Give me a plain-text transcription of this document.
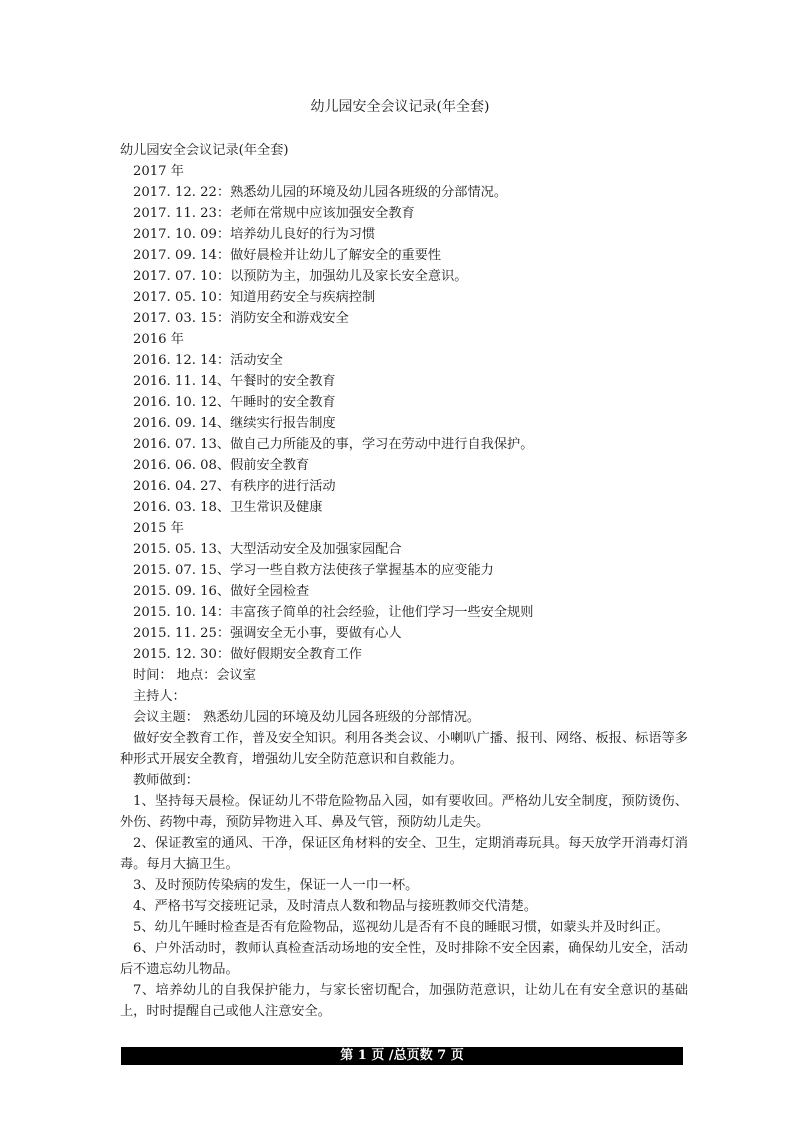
幼儿园安全会议记录(年全套)
幼儿园安全会议记录(年全套)
2017 年
2017. 12. 22：熟悉幼儿园的环境及幼儿园各班级的分部情况。
2017. 11. 23：老师在常规中应该加强安全教育
2017. 10. 09：培养幼儿良好的行为习惯
2017. 09. 14：做好晨检并让幼儿了解安全的重要性
2017. 07. 10：以预防为主，加强幼儿及家长安全意识。
2017. 05. 10：知道用药安全与疾病控制
2017. 03. 15：消防安全和游戏安全
2016 年
2016. 12. 14：活动安全
2016. 11. 14、午餐时的安全教育
2016. 10. 12、午睡时的安全教育
2016. 09. 14、继续实行报告制度
2016. 07. 13、做自己力所能及的事，学习在劳动中进行自我保护。
2016. 06. 08、假前安全教育
2016. 04. 27、有秩序的进行活动
2016. 03. 18、卫生常识及健康
2015 年
2015. 05. 13、大型活动安全及加强家园配合
2015. 07. 15、学习一些自救方法使孩子掌握基本的应变能力
2015. 09. 16、做好全园检查
2015. 10. 14：丰富孩子简单的社会经验，让他们学习一些安全规则
2015. 11. 25：强调安全无小事，要做有心人
2015. 12. 30：做好假期安全教育工作
时间： 地点：会议室
主持人：
会议主题： 熟悉幼儿园的环境及幼儿园各班级的分部情况。
做好安全教育工作，普及安全知识。利用各类会议、小喇叭广播、报刊、网络、板报、标语等多种形式开展安全教育，增强幼儿安全防范意识和自救能力。
教师做到：
1、坚持每天晨检。保证幼儿不带危险物品入园，如有要收回。严格幼儿安全制度，预防烫伤、外伤、药物中毒，预防异物进入耳、鼻及气管，预防幼儿走失。
2、保证教室的通风、干净，保证区角材料的安全、卫生，定期消毒玩具。每天放学开消毒灯消毒。每月大搞卫生。
3、及时预防传染病的发生，保证一人一巾一杯。
4、严格书写交接班记录，及时清点人数和物品与接班教师交代清楚。
5、幼儿午睡时检查是否有危险物品，巡视幼儿是否有不良的睡眠习惯，如蒙头并及时纠正。
6、户外活动时，教师认真检查活动场地的安全性，及时排除不安全因素，确保幼儿安全，活动后不遗忘幼儿物品。
7、培养幼儿的自我保护能力，与家长密切配合，加强防范意识，让幼儿在有安全意识的基础上，时时提醒自己或他人注意安全。
第 1 页 /总页数 7 页
